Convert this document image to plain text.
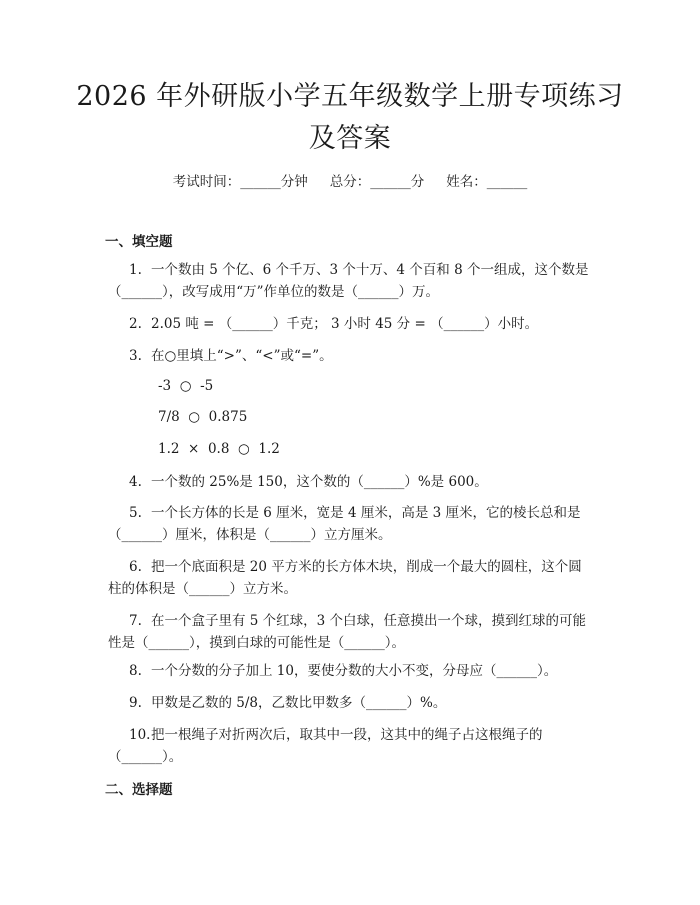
2026 年外研版小学五年级数学上册专项练习
及答案
考试时间：______分钟 总分：______分 姓名：______
一、填空题
1. 一个数由 5 个亿、6 个千万、3 个十万、4 个百和 8 个一组成，这个数是（______），改写成用“万”作单位的数是（______）万。
2. 2.05 吨 = （______）千克； 3 小时 45 分 = （______）小时。
3. 在○里填上“>”、“<”或“=”。
-3  ○  -5
7/8  ○  0.875
1.2  ×  0.8  ○  1.2
4. 一个数的 25%是 150，这个数的（______）%是 600。
5. 一个长方体的长是 6 厘米，宽是 4 厘米，高是 3 厘米，它的棱长总和是（______）厘米，体积是（______）立方厘米。
6. 把一个底面积是 20 平方米的长方体木块，削成一个最大的圆柱，这个圆柱的体积是（______）立方米。
7. 在一个盒子里有 5 个红球，3 个白球，任意摸出一个球，摸到红球的可能性是（______），摸到白球的可能性是（______）。
8. 一个分数的分子加上 10，要使分数的大小不变，分母应（______）。
9. 甲数是乙数的 5/8，乙数比甲数多（______）%。
10.把一根绳子对折两次后，取其中一段，这其中的绳子占这根绳子的（______）。
二、选择题
